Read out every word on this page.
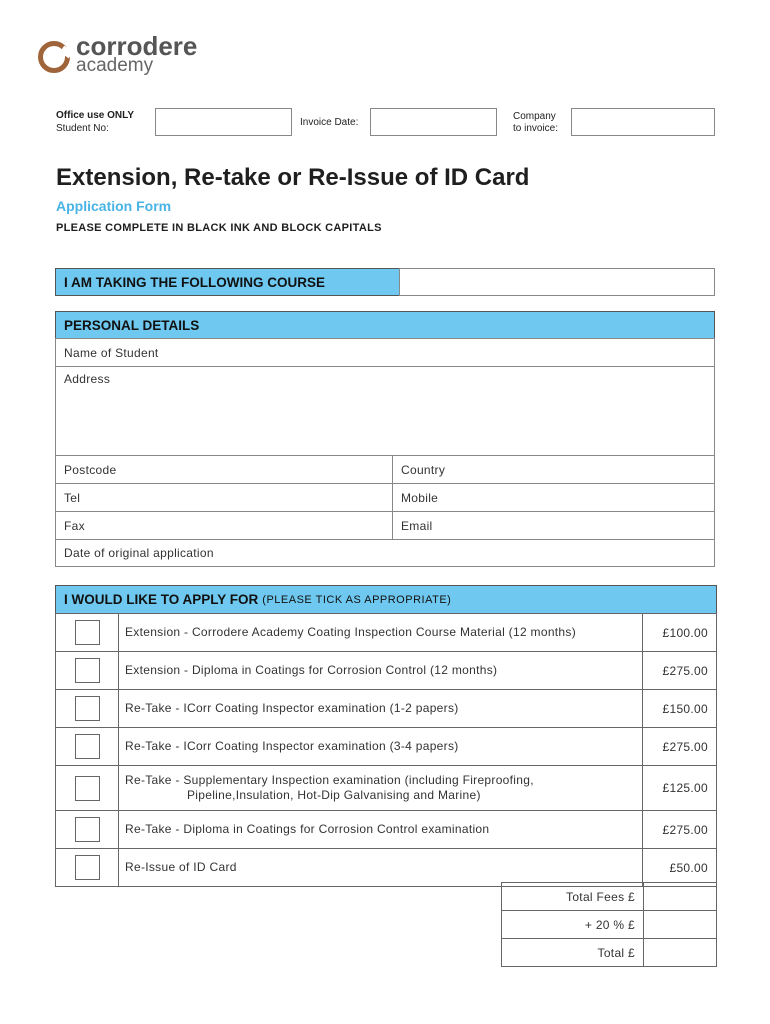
corrodere
academy
Office use ONLY
Student No:
Invoice Date:
Company
to invoice:
Extension, Re-take or Re-Issue of ID Card
Application Form
PLEASE COMPLETE IN BLACK INK AND BLOCK CAPITALS
I AM TAKING THE FOLLOWING COURSE
PERSONAL DETAILS
Name of Student
Address
Postcode	Country
Tel	Mobile
Fax	Email
Date of original application
I WOULD LIKE TO APPLY FOR (PLEASE TICK AS APPROPRIATE)

	Extension - Corrodere Academy Coating Inspection Course Material (12 months)	£100.00

	Extension - Diploma in Coatings for Corrosion Control (12 months)	£275.00

	Re-Take - ICorr Coating Inspector examination (1-2 papers)	£150.00

	Re-Take - ICorr Coating Inspector examination (3-4 papers)	£275.00

	Re-Take - Supplementary Inspection examination (including Fireproofing,
Pipeline,Insulation, Hot-Dip Galvanising and Marine)	£125.00

	Re-Take - Diploma in Coatings for Corrosion Control examination	£275.00

	Re-Issue of ID Card	£50.00
Total Fees £	
+ 20 % £	
Total £	
